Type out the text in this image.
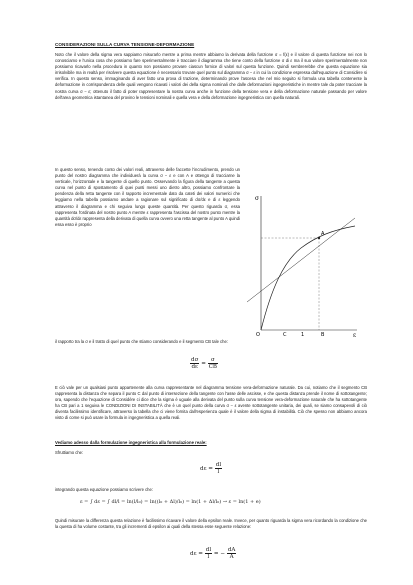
CONSIDERAZIONI SULLA CURVA TENSIONE-DEFORMAZIONE
Noto che il valore della sigma vera sappiamo misurarlo mentre a prima mentre abbiamo la derivata della funzione σ = f(ε) e il valore di questa funzione nei non lo conosciamo e l'unica cosa che possiamo fare sperimentalmente è tracciare il diagramma che tiene conto della funzione σ di ε ma il suo valore sperimentalmente non possiamo ricavarlo nella procedura in quanto non possiamo provare ciascun fornice di valori sul questa funzione. Quindi sembrerebbe che questa equazione sia irrisolvibile ma in realtà per risolvere questa equazione è necessario trovare quel punto sul diagramma σ − ε in cui la condizione espressa dall'equazione di Considère si verifica. In questo senso, immaginando di aver fatto una prova di trazione, determinando prove l'ascesa che nel mio seguito si formula una tabella contenente la deformazione in corrispondenza delle quali vengono ricavati i valori dei della sigma nominali che dalle deformazioni ingegneristiche in mentre tale da poter tracciare la nostra curva σ − ε; ottenuto il fatto di poter rappresentare la nostra curva anche in funzione della tensione vera e della deformazione naturale passando per valore dell'area geometrica istantanea del provino le tensioni nominali e quella vera e della deformazione ingegneristica con quella naturali.
In questo senso, tenendo conto dei valori reali, attraverso delle faccette l'incrudimento, prendo un punto del nostro diagramma che individuerà la curva σ − ε e con A e ottengo di tracciarne la verticale, l'orizzontale e la tangente di quello punto. Osservando la figura della tangente a questa curva nel punto di spostamento di quei punti messi uno dietro altro, possiamo confrontare la pendenza della retta tangente con il rapporto incrementale dato da cateti dei valori numerici che leggiamo nella tabella possiamo andare a ragionare sul significato di dσ/dε e di ε leggendo attraverso il diagramma e chi seguiva lungo queste quantità. Per questo riguarda σ, essa rappresenta l'ordinata del nostro punto A mentre ε rappresenta l'ascissa del nostro punto mentre la quantità dσ/dε rappresenta della derivata di quella curva ovvero una retta tangente al punto A quindi essa esso è proprio
σ
ε
A
B
C
O	1
il rapporto tra la σ e il tratto di quel punto che stiamo considerando e il segmento CB tale che:
$\frac{d\sigma}{d\varepsilon} = \frac{\sigma}{CB}$
E ciò vale per un qualsiasi punto appartenente alla curva rappresentante nel diagramma tensione vera-deformazione naturale. Da cui, notiamo che il segmento CB rappresenta la distanza che separa il punto C dal punto di intersezione della tangente con l'asse delle ascisse, e che questa distanza prende il nome di sottotangente; ora, sapendo che l'equazione di Considère ci dice che la sigma è uguale alla derivata del punto sulla curva tensione vera-deformazione naturale che ha sottotangente ha CB pari a 1 seguiva le CONDIZIONI DI INSTABILITÀ che è un quel punto della curva σ − ε avente sottotangente unitaria, dei quali, se siamo consapevoli di ciò diventa facilissimo identificare, attraverso la tabella che ci viene fornita dall'esperienza quale è il valore della sigma di instabilità. Ciò che spesso non abbiamo ancora visto di come si può usare la formula in ingegneristica a quella reali.
Vediamo adesso dalla formulazione ingegneristica alla formulazione reale:
Sfruttiamo che:
$d\varepsilon = \frac{dl}{l}$
integrando questa equazione possiamo scrivere che:
ε = ∫ dε = ∫ dl/l = ln(l/l₀) = ln((l₀ + Δl)/l₀) = ln(1 + Δl/l₀) → ε = ln(1 + e)
Quindi misurare la differenza questa relazione è facilissimo ricavare il valore della epsilon reale. Invece, per quanto riguarda la sigma vera ricordando la condizione che la questa di ha volume costante, tra gli incrementi di epsilon ai quali della stessa esse seguente relazione:
$d\varepsilon = \frac{dl}{l}$ = − $\frac{dA}{A}$
